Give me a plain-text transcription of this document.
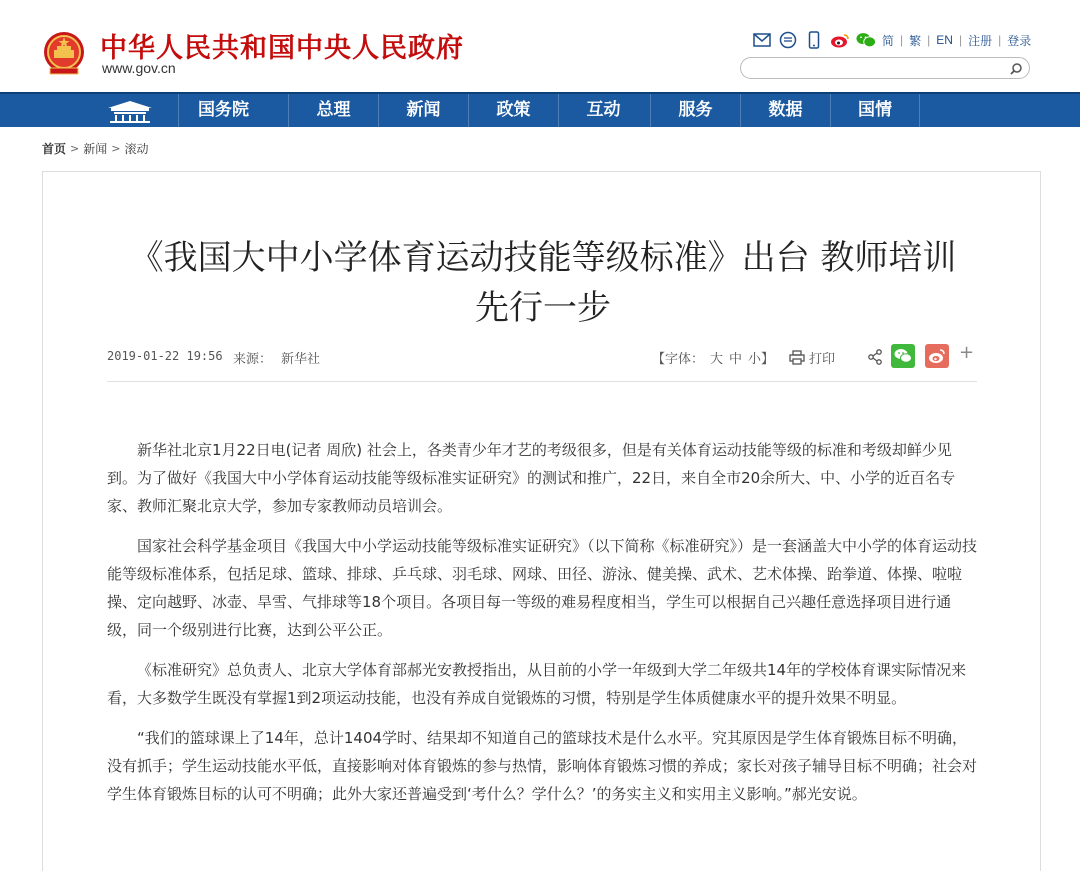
中华人民共和国中央人民政府
www.gov.cn
简 | 繁 | EN | 注册 | 登录
国务院	总理	新闻	政策	互动	服务	数据	国情
首页 > 新闻 > 滚动
《我国大中小学体育运动技能等级标准》出台 教师培训先行一步
2019-01-22 19:56 来源： 新华社	【字体： 大 中 小】	打印	+

新华社北京1月22日电(记者 周欣) 社会上，各类青少年才艺的考级很多，但是有关体育运动技能等级的标准和考级却鲜少见到。为了做好《我国大中小学体育运动技能等级标准实证研究》的测试和推广，22日，来自全市20余所大、中、小学的近百名专家、教师汇聚北京大学，参加专家教师动员培训会。

国家社会科学基金项目《我国大中小学运动技能等级标准实证研究》（以下简称《标准研究》）是一套涵盖大中小学的体育运动技能等级标准体系，包括足球、篮球、排球、乒乓球、羽毛球、网球、田径、游泳、健美操、武术、艺术体操、跆拳道、体操、啦啦操、定向越野、冰壶、旱雪、气排球等18个项目。各项目每一等级的难易程度相当，学生可以根据自己兴趣任意选择项目进行通级，同一个级别进行比赛，达到公平公正。

《标准研究》总负责人、北京大学体育部郝光安教授指出，从目前的小学一年级到大学二年级共14年的学校体育课实际情况来看，大多数学生既没有掌握1到2项运动技能，也没有养成自觉锻炼的习惯，特别是学生体质健康水平的提升效果不明显。

“我们的篮球课上了14年，总计1404学时、结果却不知道自己的篮球技术是什么水平。究其原因是学生体育锻炼目标不明确，没有抓手；学生运动技能水平低，直接影响对体育锻炼的参与热情，影响体育锻炼习惯的养成；家长对孩子辅导目标不明确；社会对学生体育锻炼目标的认可不明确；此外大家还普遍受到‘考什么？学什么？’的务实主义和实用主义影响。”郝光安说。
